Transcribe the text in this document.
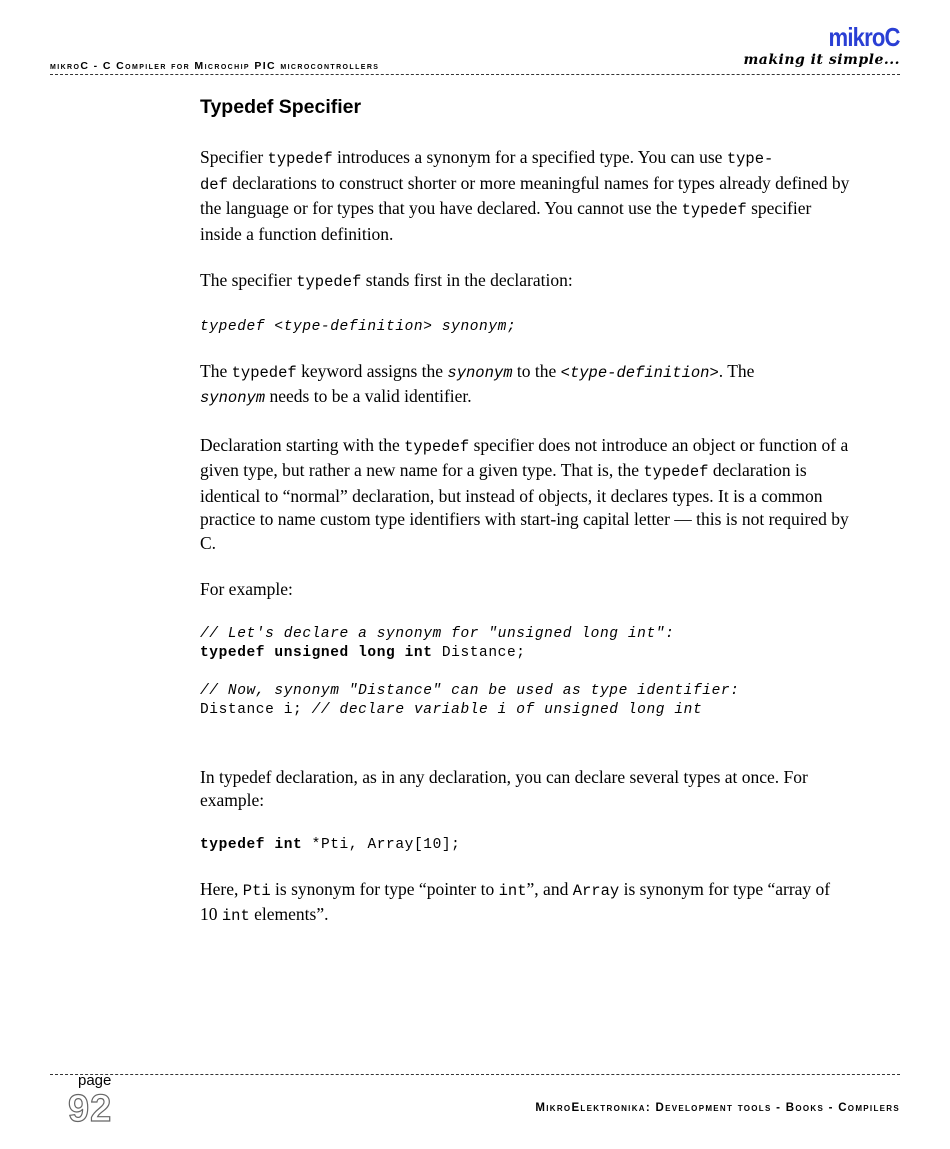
mikroC
making it simple...
mikroC - C Compiler for Microchip PIC microcontrollers
Typedef Specifier

Specifier typedef introduces a synonym for a specified type. You can use type-
def declarations to construct shorter or more meaningful names for types already defined by the language or for types that you have declared. You cannot use the typedef specifier inside a function definition.

The specifier typedef stands first in the declaration:

typedef <type-definition> synonym;

The typedef keyword assigns the synonym to the <type-definition>. The
synonym needs to be a valid identifier.

Declaration starting with the typedef specifier does not introduce an object or function of a given type, but rather a new name for a given type. That is, the typedef declaration is identical to “normal” declaration, but instead of objects, it declares types. It is a common practice to name custom type identifiers with start-ing capital letter — this is not required by C.

For example:

// Let's declare a synonym for "unsigned long int":
typedef unsigned long int Distance;

// Now, synonym "Distance" can be used as type identifier:
Distance i; // declare variable i of unsigned long int

In typedef declaration, as in any declaration, you can declare several types at once. For example:

typedef int *Pti, Array[10];

Here, Pti is synonym for type “pointer to int”, and Array is synonym for type “array of 10 int elements”.

page
92	MikroElektronika: Development tools - Books - Compilers
